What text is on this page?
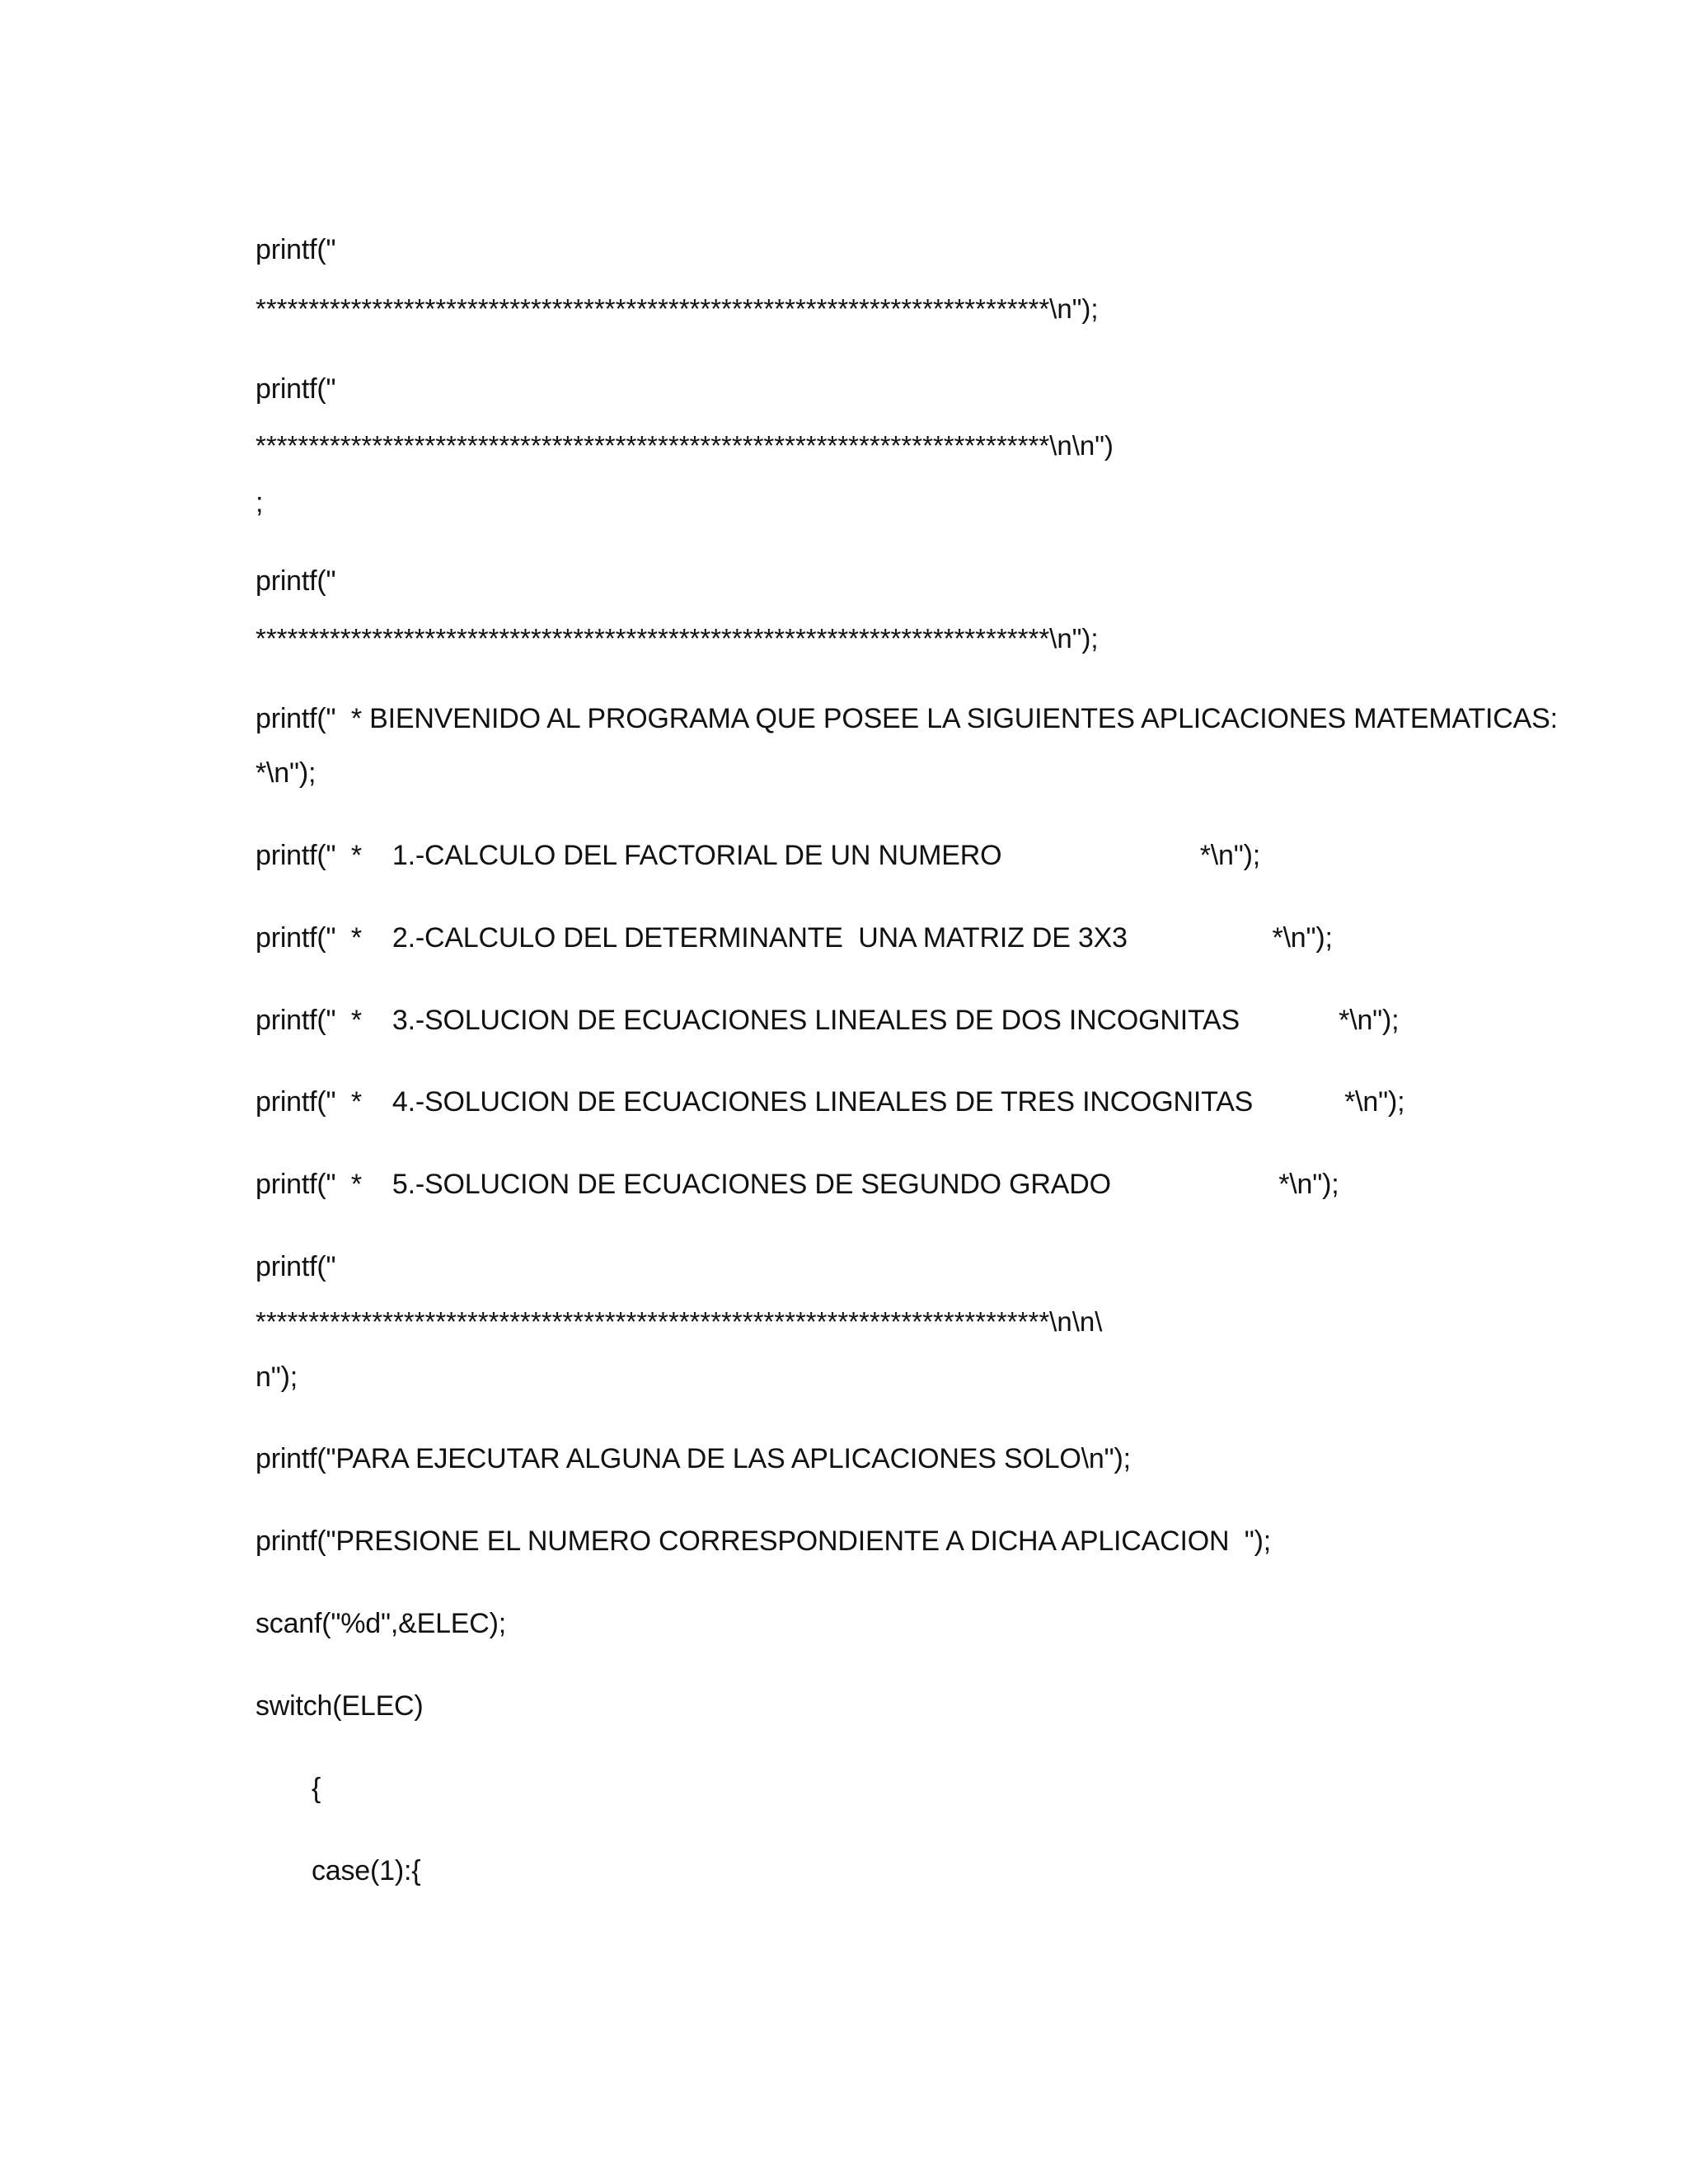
printf("
***************************************************************************\n");
printf("
***************************************************************************\n\n")
;
printf("
***************************************************************************\n");
printf("  * BIENVENIDO AL PROGRAMA QUE POSEE LA SIGUIENTES APLICACIONES MATEMATICAS:
*\n");
printf("  *    1.-CALCULO DEL FACTORIAL DE UN NUMERO                          *\n");
printf("  *    2.-CALCULO DEL DETERMINANTE  UNA MATRIZ DE 3X3                   *\n");
printf("  *    3.-SOLUCION DE ECUACIONES LINEALES DE DOS INCOGNITAS             *\n");
printf("  *    4.-SOLUCION DE ECUACIONES LINEALES DE TRES INCOGNITAS            *\n");
printf("  *    5.-SOLUCION DE ECUACIONES DE SEGUNDO GRADO                      *\n");
printf("
***************************************************************************\n\n\
n");
printf("PARA EJECUTAR ALGUNA DE LAS APLICACIONES SOLO\n");
printf("PRESIONE EL NUMERO CORRESPONDIENTE A DICHA APLICACION  ");
scanf("%d",&ELEC);
switch(ELEC)
{
case(1):{
